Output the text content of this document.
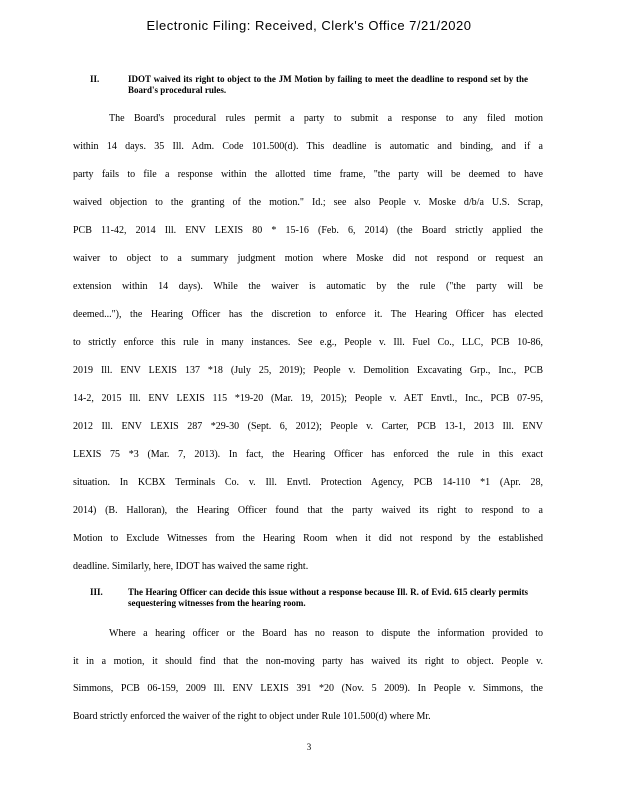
Electronic Filing: Received, Clerk's Office 7/21/2020
II.	IDOT waived its right to object to the JM Motion by failing to meet the deadline to respond set by the Board's procedural rules.
The Board's procedural rules permit a party to submit a response to any filed motion
within 14 days. 35 Ill. Adm. Code 101.500(d). This deadline is automatic and binding, and if a
party fails to file a response within the allotted time frame, "the party will be deemed to have
waived objection to the granting of the motion." Id.; see also People v. Moske d/b/a U.S. Scrap,
PCB 11-42, 2014 Ill. ENV LEXIS 80 * 15-16 (Feb. 6, 2014) (the Board strictly applied the
waiver to object to a summary judgment motion where Moske did not respond or request an
extension within 14 days). While the waiver is automatic by the rule ("the party will be
deemed..."), the Hearing Officer has the discretion to enforce it. The Hearing Officer has elected
to strictly enforce this rule in many instances. See e.g., People v. Ill. Fuel Co., LLC, PCB 10-86,
2019 Ill. ENV LEXIS 137 *18 (July 25, 2019); People v. Demolition Excavating Grp., Inc., PCB
14-2, 2015 Ill. ENV LEXIS 115 *19-20 (Mar. 19, 2015); People v. AET Envtl., Inc., PCB 07-95,
2012 Ill. ENV LEXIS 287 *29-30 (Sept. 6, 2012); People v. Carter, PCB 13-1, 2013 Ill. ENV
LEXIS 75 *3 (Mar. 7, 2013). In fact, the Hearing Officer has enforced the rule in this exact
situation. In KCBX Terminals Co. v. Ill. Envtl. Protection Agency, PCB 14-110 *1 (Apr. 28,
2014) (B. Halloran), the Hearing Officer found that the party waived its right to respond to a
Motion to Exclude Witnesses from the Hearing Room when it did not respond by the established
deadline. Similarly, here, IDOT has waived the same right.
III.	The Hearing Officer can decide this issue without a response because Ill. R. of Evid. 615 clearly permits sequestering witnesses from the hearing room.
Where a hearing officer or the Board has no reason to dispute the information provided to
it in a motion, it should find that the non-moving party has waived its right to object. People v.
Simmons, PCB 06-159, 2009 Ill. ENV LEXIS 391 *20 (Nov. 5 2009). In People v. Simmons, the
Board strictly enforced the waiver of the right to object under Rule 101.500(d) where Mr.
3
